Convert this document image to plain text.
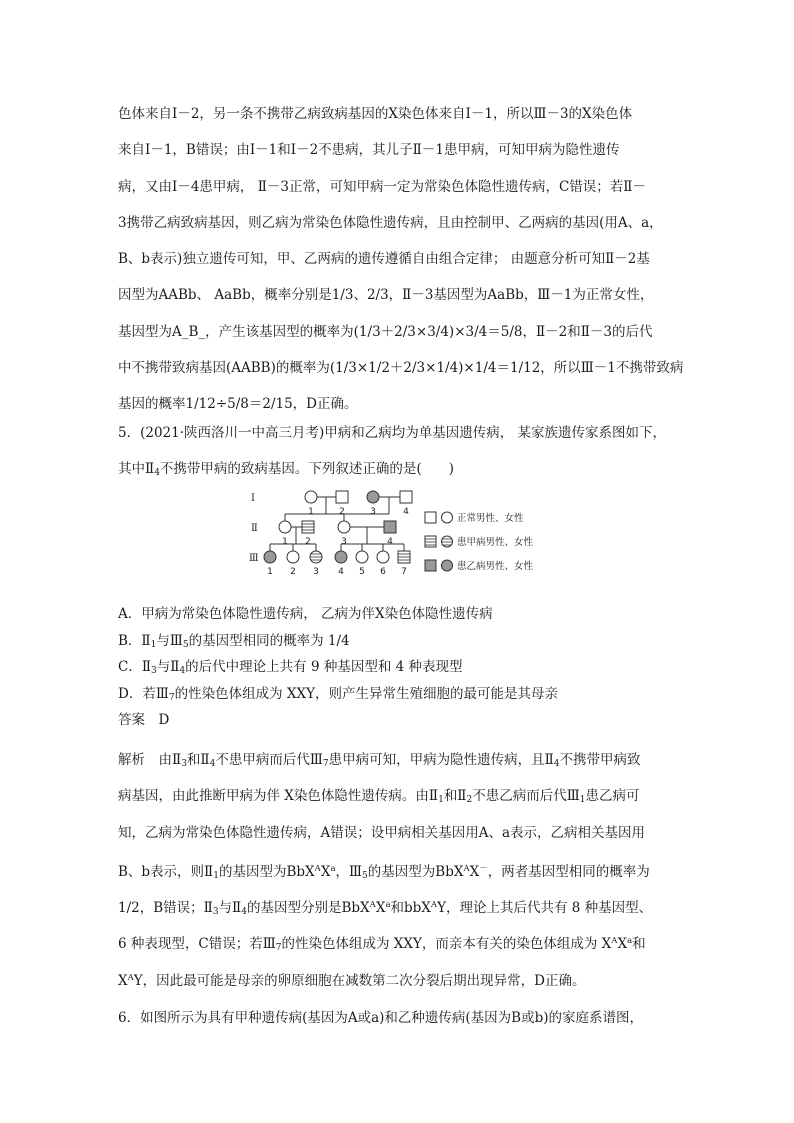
色体来自Ⅰ－2，另一条不携带乙病致病基因的X染色体来自Ⅰ－1，所以Ⅲ－3的X染色体
来自Ⅰ－1，B错误；由Ⅰ－1和Ⅰ－2不患病，其儿子Ⅱ－1患甲病，可知甲病为隐性遗传
病，又由Ⅰ－4患甲病， Ⅱ－3正常，可知甲病一定为常染色体隐性遗传病，C错误；若Ⅱ－
3携带乙病致病基因，则乙病为常染色体隐性遗传病，且由控制甲、乙两病的基因(用A、a，
B、b表示)独立遗传可知，甲、乙两病的遗传遵循自由组合定律； 由题意分析可知Ⅱ－2基
因型为AABb、 AaBb，概率分别是1/3、2/3，Ⅱ－3基因型为AaBb，Ⅲ－1为正常女性，
基因型为A_B_，产生该基因型的概率为(1/3＋2/3×3/4)×3/4＝5/8，Ⅱ－2和Ⅱ－3的后代
中不携带致病基因(AABB)的概率为(1/3×1/2＋2/3×1/4)×1/4＝1/12，所以Ⅲ－1不携带致病
基因的概率1/12÷5/8＝2/15，D正确。
5．(2021·陕西洛川一中高三月考)甲病和乙病均为单基因遗传病， 某家族遗传家系图如下，
其中$Ⅱ_4$不携带甲病的致病基因。下列叙述正确的是(　　)
Ⅰ
Ⅱ
Ⅲ
1	2	3	4
1 2	3	4
1 2 3 4 5 6 7
正常男性、女性
患甲病男性、女性
患乙病男性、女性
A．甲病为常染色体隐性遗传病， 乙病为伴X染色体隐性遗传病
B．$Ⅱ_1$与$Ⅲ_5$的基因型相同的概率为 1/4
C．$Ⅱ_3$与$Ⅱ_4$的后代中理论上共有 9 种基因型和 4 种表现型
D．若$Ⅲ_7$的性染色体组成为 XXY，则产生异常生殖细胞的最可能是其母亲
答案　D
解析　由$Ⅱ_3$和$Ⅱ_4$不患甲病而后代$Ⅲ_7$患甲病可知，甲病为隐性遗传病，且$Ⅱ_4$不携带甲病致
病基因，由此推断甲病为伴 X染色体隐性遗传病。由$Ⅱ_1$和$Ⅱ_2$不患乙病而后代$Ⅲ_1$患乙病可
知，乙病为常染色体隐性遗传病，A错误；设甲病相关基因用A、a表示，乙病相关基因用
B、b表示，则$Ⅱ_1$的基因型为$BbX^AX^a$，$Ⅲ_5$的基因型为BbX$^A$X－，两者基因型相同的概率为
1/2，B错误；$Ⅱ_3$与$Ⅱ_4$的基因型分别是$BbX^AX^a$和bbX$^A$Y，理论上其后代共有 8 种基因型、
6 种表现型，C错误；若$Ⅲ_7$的性染色体组成为 XXY，而亲本有关的染色体组成为 $X^AX^a$和
$X^AY$，因此最可能是母亲的卵原细胞在减数第二次分裂后期出现异常，D正确。
6．如图所示为具有甲种遗传病(基因为A或a)和乙种遗传病(基因为B或b)的家庭系谱图，
